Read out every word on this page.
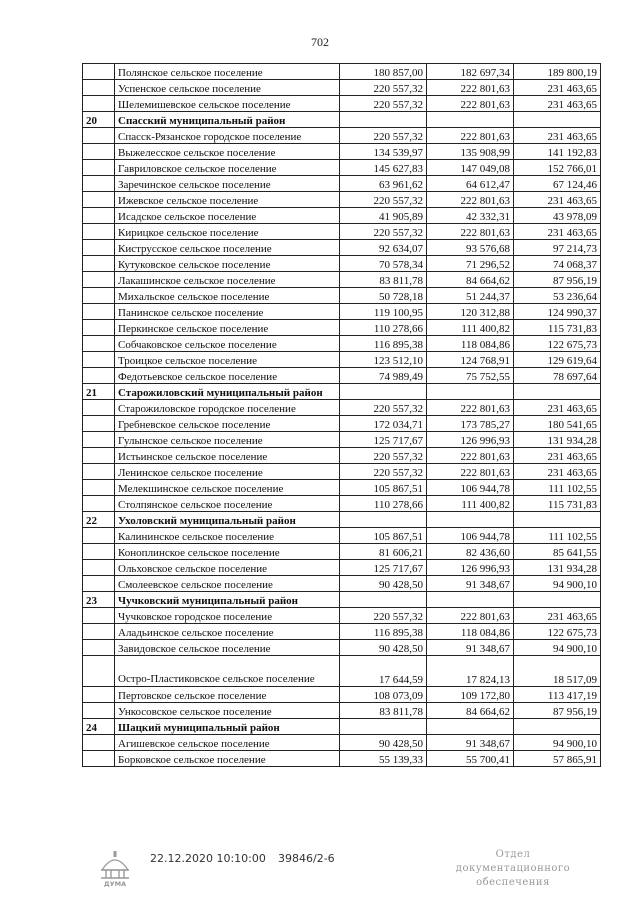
702
	Полянское сельское поселение	180 857,00	182 697,34	189 800,19
	Успенское сельское поселение	220 557,32	222 801,63	231 463,65
	Шелемишевское сельское поселение	220 557,32	222 801,63	231 463,65
20	Спасский муниципальный район			
	Спасск-Рязанское городское поселение	220 557,32	222 801,63	231 463,65
	Выжелесское сельское поселение	134 539,97	135 908,99	141 192,83
	Гавриловское сельское поселение	145 627,83	147 049,08	152 766,01
	Заречинское сельское поселение	63 961,62	64 612,47	67 124,46
	Ижевское сельское поселение	220 557,32	222 801,63	231 463,65
	Исадское сельское поселение	41 905,89	42 332,31	43 978,09
	Кирицкое сельское поселение	220 557,32	222 801,63	231 463,65
	Киструсское сельское поселение	92 634,07	93 576,68	97 214,73
	Кутуковское сельское поселение	70 578,34	71 296,52	74 068,37
	Лакашинское сельское поселение	83 811,78	84 664,62	87 956,19
	Михальское сельское поселение	50 728,18	51 244,37	53 236,64
	Панинское сельское поселение	119 100,95	120 312,88	124 990,37
	Перкинское сельское поселение	110 278,66	111 400,82	115 731,83
	Собчаковское сельское поселение	116 895,38	118 084,86	122 675,73
	Троицкое сельское поселение	123 512,10	124 768,91	129 619,64
	Федотьевское сельское поселение	74 989,49	75 752,55	78 697,64
21	Старожиловский муниципальный район			
	Старожиловское городское поселение	220 557,32	222 801,63	231 463,65
	Гребневское сельское поселение	172 034,71	173 785,27	180 541,65
	Гулынское сельское поселение	125 717,67	126 996,93	131 934,28
	Истьинское сельское поселение	220 557,32	222 801,63	231 463,65
	Ленинское сельское поселение	220 557,32	222 801,63	231 463,65
	Мелекшинское сельское поселение	105 867,51	106 944,78	111 102,55
	Столпянское сельское поселение	110 278,66	111 400,82	115 731,83
22	Ухоловский муниципальный район			
	Калининское сельское поселение	105 867,51	106 944,78	111 102,55
	Коноплинское сельское поселение	81 606,21	82 436,60	85 641,55
	Ольховское сельское поселение	125 717,67	126 996,93	131 934,28
	Смолеевское сельское поселение	90 428,50	91 348,67	94 900,10
23	Чучковский муниципальный район			
	Чучковское городское поселение	220 557,32	222 801,63	231 463,65
	Аладьинское сельское поселение	116 895,38	118 084,86	122 675,73
	Завидовское сельское поселение	90 428,50	91 348,67	94 900,10
	Остро-Пластиковское сельское поселение	17 644,59	17 824,13	18 517,09
	Пертовское сельское поселение	108 073,09	109 172,80	113 417,19
	Ункосовское сельское поселение	83 811,78	84 664,62	87 956,19
24	Шацкий муниципальный район			
	Агишевское сельское поселение	90 428,50	91 348,67	94 900,10
	Борковское сельское поселение	55 139,33	55 700,41	57 865,91
ДУМА
22.12.2020 10:10:00 39846/2-6	Отдел документационного
обеспечения
